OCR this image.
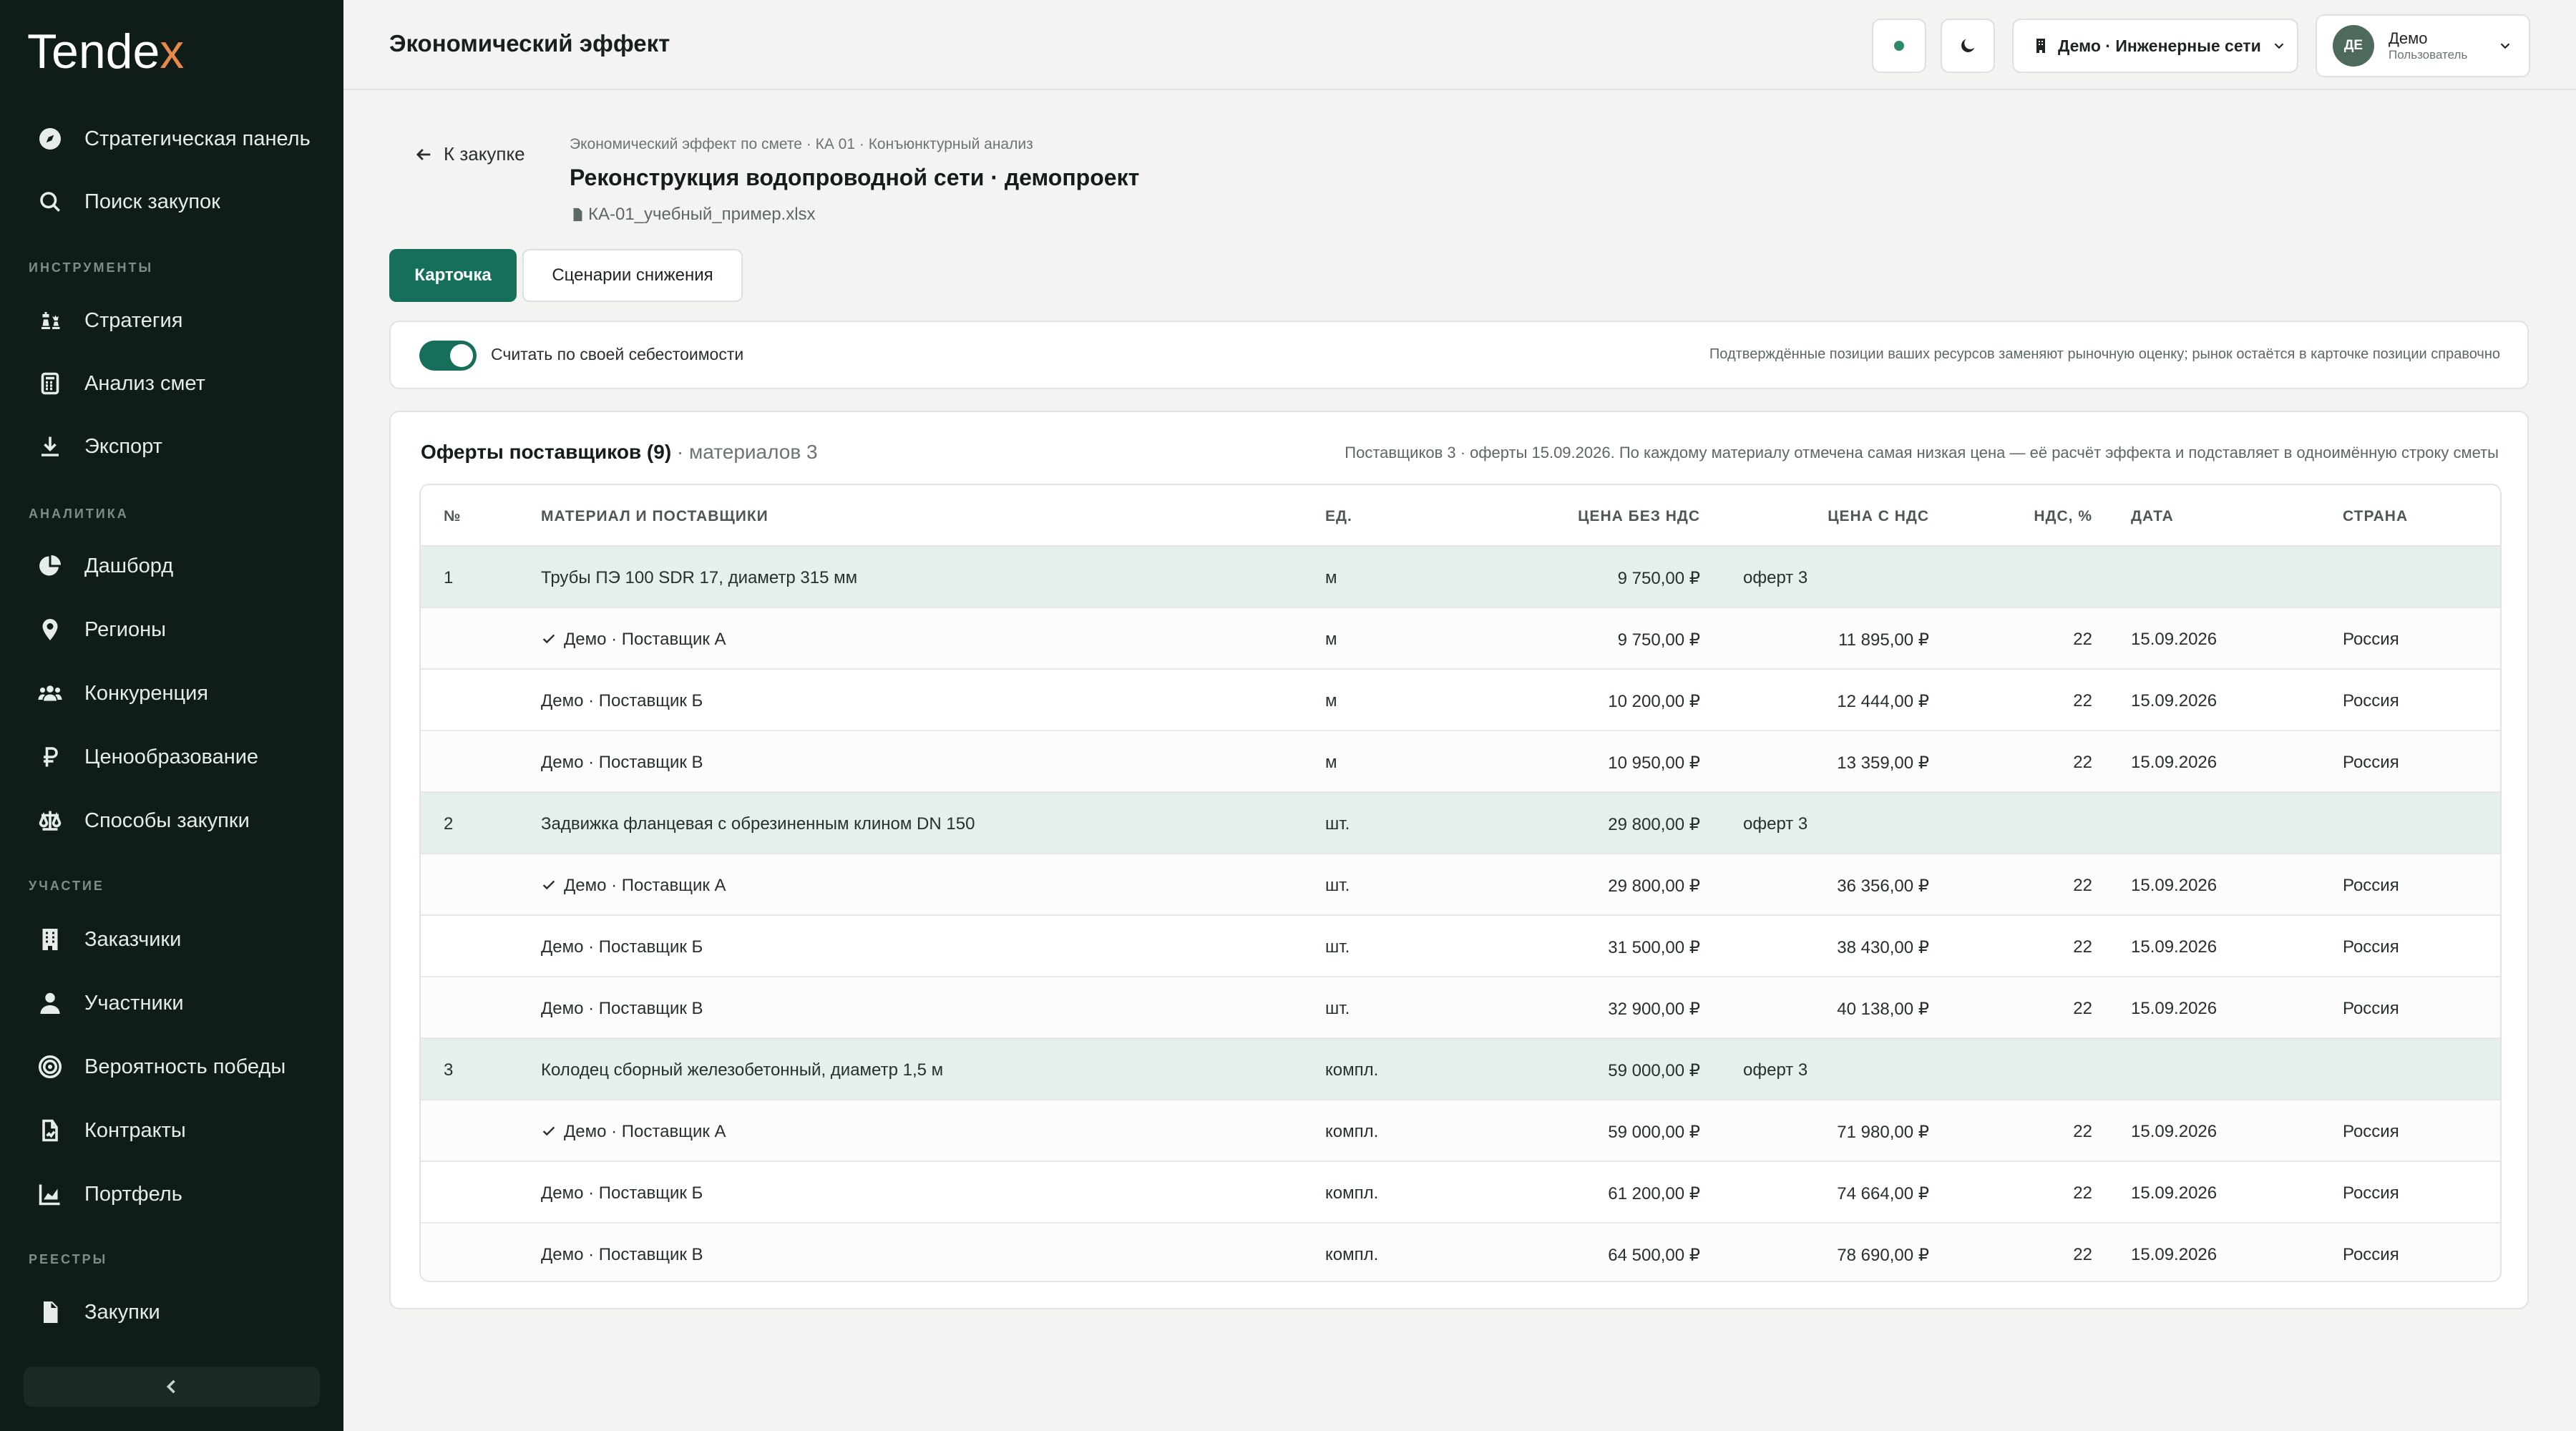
Tendex
Стратегическая панель
Поиск закупок
ИНСТРУМЕНТЫ
Стратегия
Анализ смет
Экспорт
АНАЛИТИКА
Дашборд
Регионы
Конкуренция
Ценообразование
Способы закупки
УЧАСТИЕ
Заказчики
Участники
Вероятность победы
Контракты
Портфель
РЕЕСТРЫ
Закупки
Экономический эффект	Демо · Инженерные сети	ДЕ	Демо
Пользователь
К закупке	Экономический эффект по смете · КА 01 · Конъюнктурный анализ
Реконструкция водопроводной сети · демопроект
КА-01_учебный_пример.xlsx
Карточка	Сценарии снижения
Считать по своей себестоимости	Подтверждённые позиции ваших ресурсов заменяют рыночную оценку; рынок остаётся в карточке позиции справочно
Оферты поставщиков (9) · материалов 3	Поставщиков 3 · оферты 15.09.2026. По каждому материалу отмечена самая низкая цена — её расчёт эффекта и подставляет в одноимённую строку сметы
№	МАТЕРИАЛ И ПОСТАВЩИКИ	ЕД.	ЦЕНА БЕЗ НДС	ЦЕНА С НДС	НДС, %	ДАТА	СТРАНА
1	Трубы ПЭ 100 SDR 17, диаметр 315 мм	м	9 750,00 ₽	оферт 3
Демо · Поставщик А	м	9 750,00 ₽	11 895,00 ₽	22 15.09.2026	Россия
Демо · Поставщик Б	м	10 200,00 ₽	12 444,00 ₽	22 15.09.2026	Россия
Демо · Поставщик В	м	10 950,00 ₽	13 359,00 ₽	22 15.09.2026	Россия
2	Задвижка фланцевая с обрезиненным клином DN 150	шт.	29 800,00 ₽	оферт 3
Демо · Поставщик А	шт.	29 800,00 ₽	36 356,00 ₽	22 15.09.2026	Россия
Демо · Поставщик Б	шт.	31 500,00 ₽	38 430,00 ₽	22 15.09.2026	Россия
Демо · Поставщик В	шт.	32 900,00 ₽	40 138,00 ₽	22 15.09.2026	Россия
3	Колодец сборный железобетонный, диаметр 1,5 м	компл.	59 000,00 ₽	оферт 3
Демо · Поставщик А	компл.	59 000,00 ₽	71 980,00 ₽	22 15.09.2026	Россия
Демо · Поставщик Б	компл.	61 200,00 ₽	74 664,00 ₽	22 15.09.2026	Россия
Демо · Поставщик В	компл.	64 500,00 ₽	78 690,00 ₽	22 15.09.2026	Россия
